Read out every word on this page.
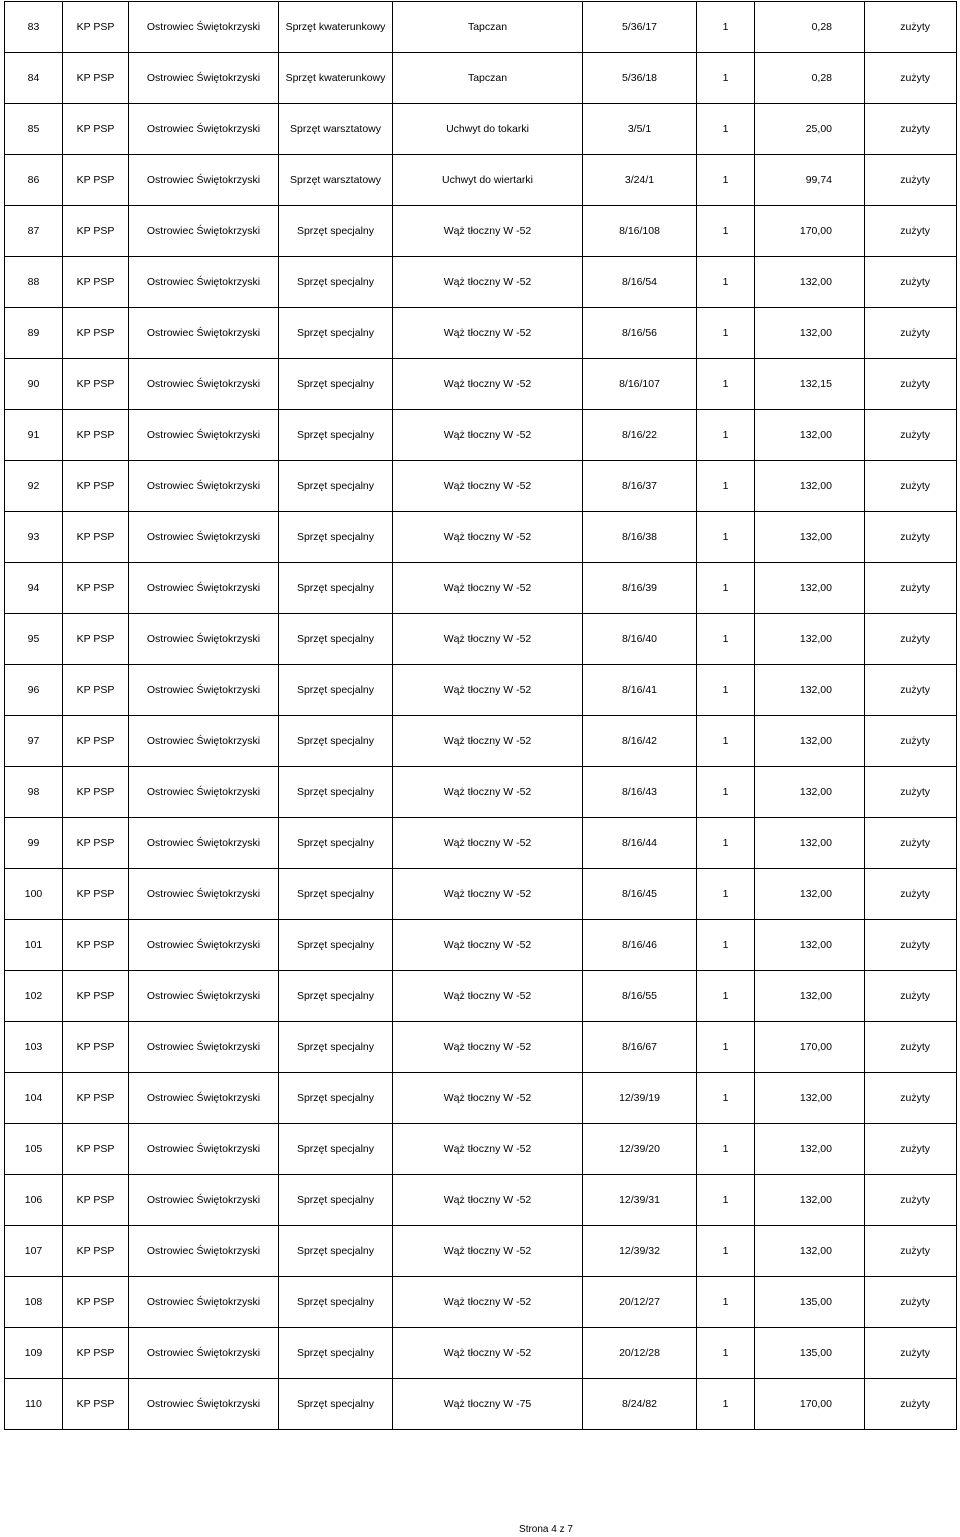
83	KP PSP	Ostrowiec Świętokrzyski	Sprzęt kwaterunkowy	Tapczan	5/36/17	1	0,28	zużyty
84	KP PSP	Ostrowiec Świętokrzyski	Sprzęt kwaterunkowy	Tapczan	5/36/18	1	0,28	zużyty
85	KP PSP	Ostrowiec Świętokrzyski	Sprzęt warsztatowy	Uchwyt do tokarki	3/5/1	1	25,00	zużyty
86	KP PSP	Ostrowiec Świętokrzyski	Sprzęt warsztatowy	Uchwyt do wiertarki	3/24/1	1	99,74	zużyty
87	KP PSP	Ostrowiec Świętokrzyski	Sprzęt specjalny	Wąż tłoczny W -52	8/16/108	1	170,00	zużyty
88	KP PSP	Ostrowiec Świętokrzyski	Sprzęt specjalny	Wąż tłoczny W -52	8/16/54	1	132,00	zużyty
89	KP PSP	Ostrowiec Świętokrzyski	Sprzęt specjalny	Wąż tłoczny W -52	8/16/56	1	132,00	zużyty
90	KP PSP	Ostrowiec Świętokrzyski	Sprzęt specjalny	Wąż tłoczny W -52	8/16/107	1	132,15	zużyty
91	KP PSP	Ostrowiec Świętokrzyski	Sprzęt specjalny	Wąż tłoczny W -52	8/16/22	1	132,00	zużyty
92	KP PSP	Ostrowiec Świętokrzyski	Sprzęt specjalny	Wąż tłoczny W -52	8/16/37	1	132,00	zużyty
93	KP PSP	Ostrowiec Świętokrzyski	Sprzęt specjalny	Wąż tłoczny W -52	8/16/38	1	132,00	zużyty
94	KP PSP	Ostrowiec Świętokrzyski	Sprzęt specjalny	Wąż tłoczny W -52	8/16/39	1	132,00	zużyty
95	KP PSP	Ostrowiec Świętokrzyski	Sprzęt specjalny	Wąż tłoczny W -52	8/16/40	1	132,00	zużyty
96	KP PSP	Ostrowiec Świętokrzyski	Sprzęt specjalny	Wąż tłoczny W -52	8/16/41	1	132,00	zużyty
97	KP PSP	Ostrowiec Świętokrzyski	Sprzęt specjalny	Wąż tłoczny W -52	8/16/42	1	132,00	zużyty
98	KP PSP	Ostrowiec Świętokrzyski	Sprzęt specjalny	Wąż tłoczny W -52	8/16/43	1	132,00	zużyty
99	KP PSP	Ostrowiec Świętokrzyski	Sprzęt specjalny	Wąż tłoczny W -52	8/16/44	1	132,00	zużyty
100	KP PSP	Ostrowiec Świętokrzyski	Sprzęt specjalny	Wąż tłoczny W -52	8/16/45	1	132,00	zużyty
101	KP PSP	Ostrowiec Świętokrzyski	Sprzęt specjalny	Wąż tłoczny W -52	8/16/46	1	132,00	zużyty
102	KP PSP	Ostrowiec Świętokrzyski	Sprzęt specjalny	Wąż tłoczny W -52	8/16/55	1	132,00	zużyty
103	KP PSP	Ostrowiec Świętokrzyski	Sprzęt specjalny	Wąż tłoczny W -52	8/16/67	1	170,00	zużyty
104	KP PSP	Ostrowiec Świętokrzyski	Sprzęt specjalny	Wąż tłoczny W -52	12/39/19	1	132,00	zużyty
105	KP PSP	Ostrowiec Świętokrzyski	Sprzęt specjalny	Wąż tłoczny W -52	12/39/20	1	132,00	zużyty
106	KP PSP	Ostrowiec Świętokrzyski	Sprzęt specjalny	Wąż tłoczny W -52	12/39/31	1	132,00	zużyty
107	KP PSP	Ostrowiec Świętokrzyski	Sprzęt specjalny	Wąż tłoczny W -52	12/39/32	1	132,00	zużyty
108	KP PSP	Ostrowiec Świętokrzyski	Sprzęt specjalny	Wąż tłoczny W -52	20/12/27	1	135,00	zużyty
109	KP PSP	Ostrowiec Świętokrzyski	Sprzęt specjalny	Wąż tłoczny W -52	20/12/28	1	135,00	zużyty
110	KP PSP	Ostrowiec Świętokrzyski	Sprzęt specjalny	Wąż tłoczny W -75	8/24/82	1	170,00	zużyty
Strona 4 z 7
